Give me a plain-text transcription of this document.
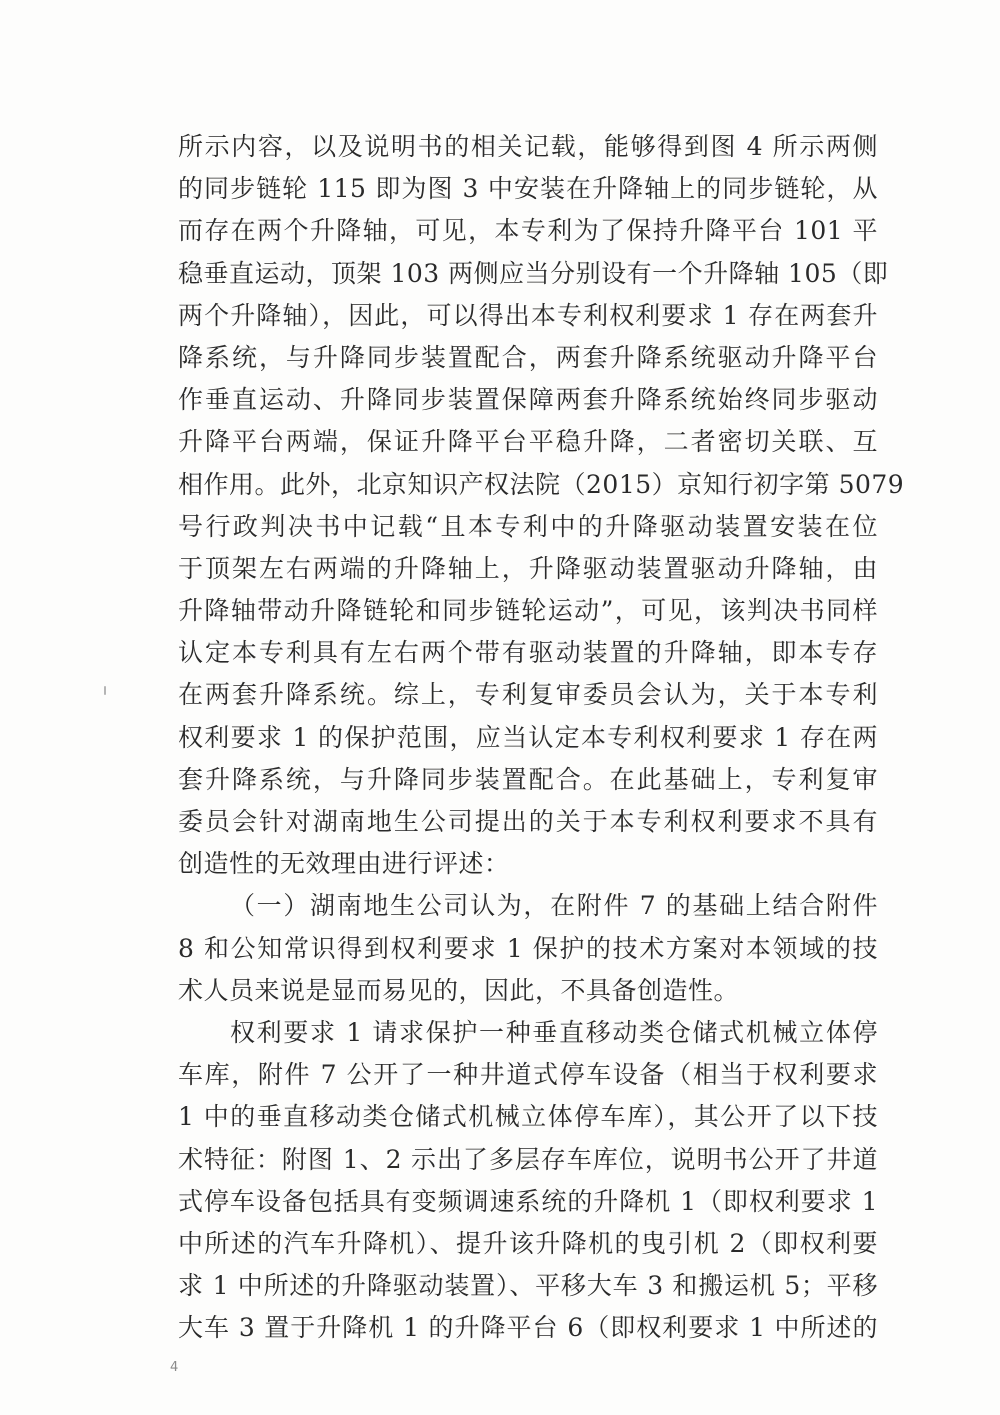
所示内容，以及说明书的相关记载，能够得到图 4 所示两侧
的同步链轮 115 即为图 3 中安装在升降轴上的同步链轮，从
而存在两个升降轴，可见，本专利为了保持升降平台 101 平
稳垂直运动，顶架 103 两侧应当分别设有一个升降轴 105（即
两个升降轴），因此，可以得出本专利权利要求 1 存在两套升
降系统，与升降同步装置配合，两套升降系统驱动升降平台
作垂直运动、升降同步装置保障两套升降系统始终同步驱动
升降平台两端，保证升降平台平稳升降，二者密切关联、互
相作用。此外，北京知识产权法院（2015）京知行初字第 5079
号行政判决书中记载“且本专利中的升降驱动装置安装在位
于顶架左右两端的升降轴上，升降驱动装置驱动升降轴，由
升降轴带动升降链轮和同步链轮运动”，可见，该判决书同样
认定本专利具有左右两个带有驱动装置的升降轴，即本专存
在两套升降系统。综上，专利复审委员会认为，关于本专利
权利要求 1 的保护范围，应当认定本专利权利要求 1 存在两
套升降系统，与升降同步装置配合。在此基础上，专利复审
委员会针对湖南地生公司提出的关于本专利权利要求不具有
创造性的无效理由进行评述：
（一）湖南地生公司认为，在附件 7 的基础上结合附件
8 和公知常识得到权利要求 1 保护的技术方案对本领域的技
术人员来说是显而易见的，因此，不具备创造性。
权利要求 1 请求保护一种垂直移动类仓储式机械立体停
车库，附件 7 公开了一种井道式停车设备（相当于权利要求
1 中的垂直移动类仓储式机械立体停车库），其公开了以下技
术特征：附图 1、2 示出了多层存车库位，说明书公开了井道
式停车设备包括具有变频调速系统的升降机 1（即权利要求 1
中所述的汽车升降机）、提升该升降机的曳引机 2（即权利要
求 1 中所述的升降驱动装置）、平移大车 3 和搬运机 5；平移
大车 3 置于升降机 1 的升降平台 6（即权利要求 1 中所述的
4
